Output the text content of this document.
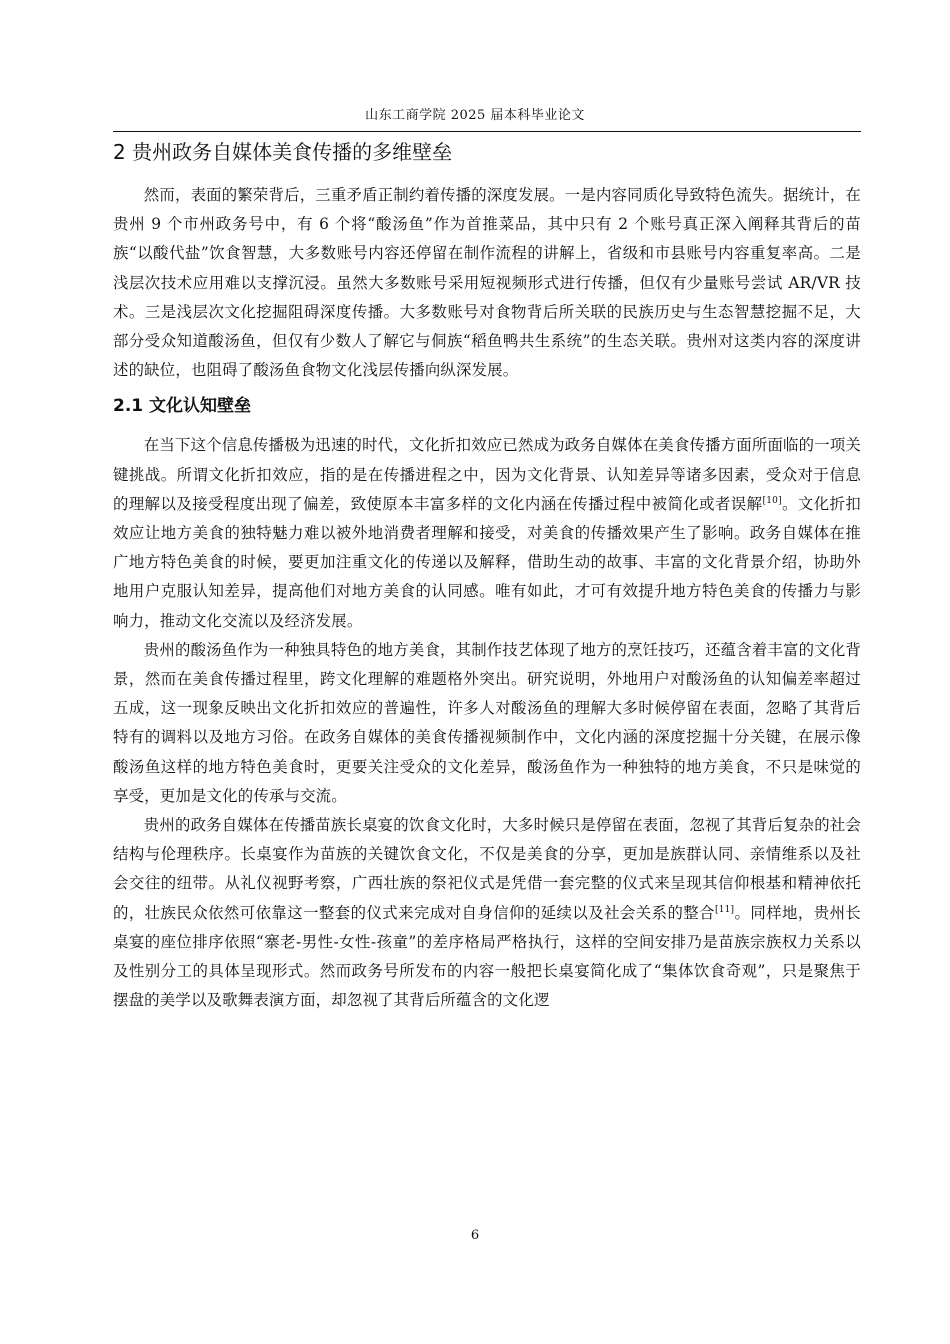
山东工商学院 2025 届本科毕业论文
2 贵州政务自媒体美食传播的多维壁垒

然而，表面的繁荣背后，三重矛盾正制约着传播的深度发展。一是内容同质化导致特色流失。据统计，在贵州 9 个市州政务号中，有 6 个将“酸汤鱼”作为首推菜品，其中只有 2 个账号真正深入阐释其背后的苗族“以酸代盐”饮食智慧，大多数账号内容还停留在制作流程的讲解上，省级和市县账号内容重复率高。二是浅层次技术应用难以支撑沉浸。虽然大多数账号采用短视频形式进行传播，但仅有少量账号尝试 AR/VR 技术。三是浅层次文化挖掘阻碍深度传播。大多数账号对食物背后所关联的民族历史与生态智慧挖掘不足，大部分受众知道酸汤鱼，但仅有少数人了解它与侗族“稻鱼鸭共生系统”的生态关联。贵州对这类内容的深度讲述的缺位，也阻碍了酸汤鱼食物文化浅层传播向纵深发展。

2.1 文化认知壁垒

在当下这个信息传播极为迅速的时代，文化折扣效应已然成为政务自媒体在美食传播方面所面临的一项关键挑战。所谓文化折扣效应，指的是在传播进程之中，因为文化背景、认知差异等诸多因素，受众对于信息的理解以及接受程度出现了偏差，致使原本丰富多样的文化内涵在传播过程中被简化或者误解[10]。文化折扣效应让地方美食的独特魅力难以被外地消费者理解和接受，对美食的传播效果产生了影响。政务自媒体在推广地方特色美食的时候，要更加注重文化的传递以及解释，借助生动的故事、丰富的文化背景介绍，协助外地用户克服认知差异，提高他们对地方美食的认同感。唯有如此，才可有效提升地方特色美食的传播力与影响力，推动文化交流以及经济发展。

贵州的酸汤鱼作为一种独具特色的地方美食，其制作技艺体现了地方的烹饪技巧，还蕴含着丰富的文化背景，然而在美食传播过程里，跨文化理解的难题格外突出。研究说明，外地用户对酸汤鱼的认知偏差率超过五成，这一现象反映出文化折扣效应的普遍性，许多人对酸汤鱼的理解大多时候停留在表面，忽略了其背后特有的调料以及地方习俗。在政务自媒体的美食传播视频制作中，文化内涵的深度挖掘十分关键，在展示像酸汤鱼这样的地方特色美食时，更要关注受众的文化差异，酸汤鱼作为一种独特的地方美食，不只是味觉的享受，更加是文化的传承与交流。

贵州的政务自媒体在传播苗族长桌宴的饮食文化时，大多时候只是停留在表面，忽视了其背后复杂的社会结构与伦理秩序。长桌宴作为苗族的关键饮食文化，不仅是美食的分享，更加是族群认同、亲情维系以及社会交往的纽带。从礼仪视野考察，广西壮族的祭祀仪式是凭借一套完整的仪式来呈现其信仰根基和精神依托的，壮族民众依然可依靠这一整套的仪式来完成对自身信仰的延续以及社会关系的整合[11]。同样地，贵州长桌宴的座位排序依照“寨老-男性-女性-孩童”的差序格局严格执行，这样的空间安排乃是苗族宗族权力关系以及性别分工的具体呈现形式。然而政务号所发布的内容一般把长桌宴简化成了“集体饮食奇观”，只是聚焦于摆盘的美学以及歌舞表演方面，却忽视了其背后所蕴含的文化逻

6
